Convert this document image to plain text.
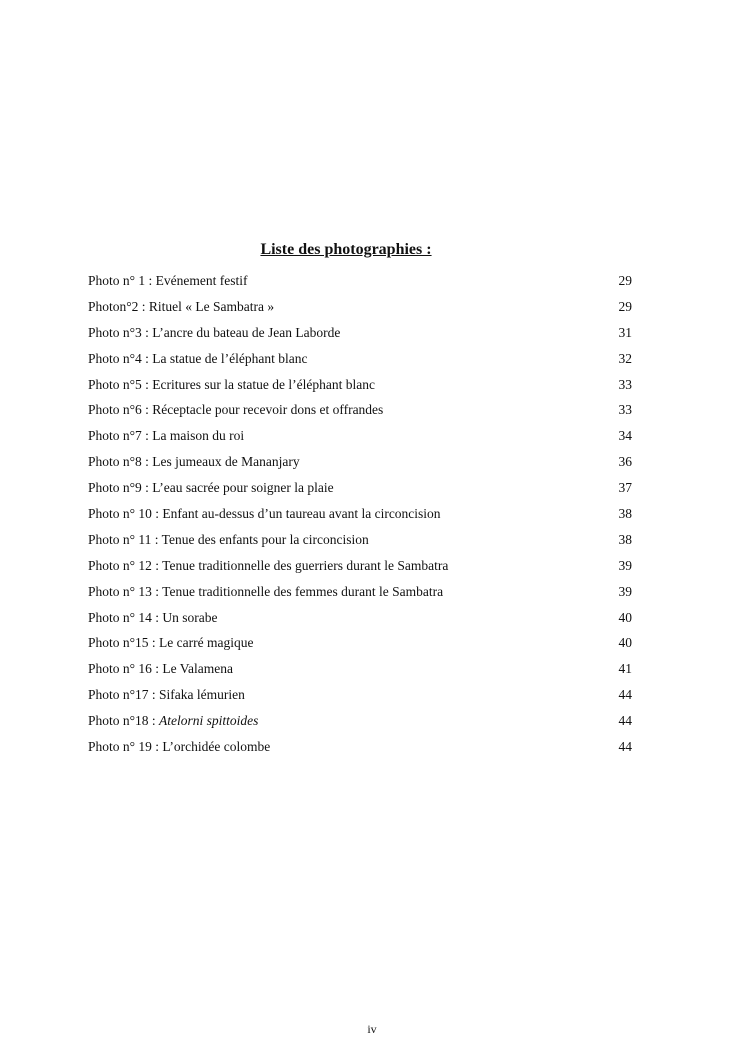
Liste des photographies :
Photo n° 1 : Evénement festif	29
Photon°2 : Rituel « Le Sambatra »	29
Photo n°3 : L’ancre du bateau de Jean Laborde	31
Photo n°4 : La statue de l’éléphant blanc	32
Photo n°5 : Ecritures sur la statue de l’éléphant blanc	33
Photo n°6 : Réceptacle pour recevoir dons et offrandes	33
Photo n°7 : La maison du roi	34
Photo n°8 : Les jumeaux de Mananjary	36
Photo n°9 : L’eau sacrée pour soigner la plaie	37
Photo n° 10 : Enfant au-dessus d’un taureau avant la circoncision	38
Photo n° 11 : Tenue des enfants pour la circoncision	38
Photo n° 12 : Tenue traditionnelle des guerriers durant le Sambatra	39
Photo n° 13 : Tenue traditionnelle des femmes durant le Sambatra	39
Photo n° 14 : Un sorabe	40
Photo n°15 : Le carré magique	40
Photo n° 16 : Le Valamena	41
Photo n°17 : Sifaka lémurien	44
Photo n°18 : Atelorni spittoides	44
Photo n° 19 : L’orchidée colombe	44
iv
